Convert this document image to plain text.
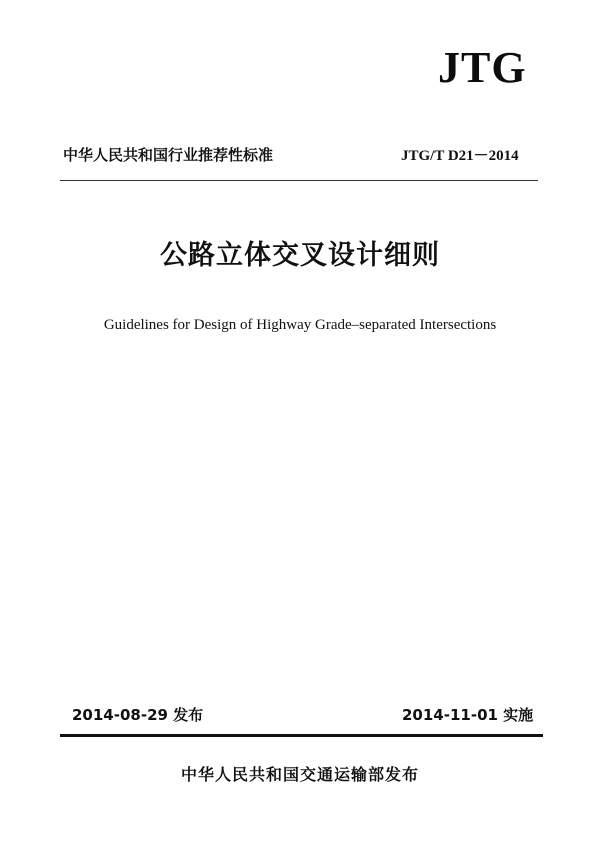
JTG
中华人民共和国行业推荐性标准	JTG/T D21－2014
公路立体交叉设计细则
Guidelines for Design of Highway Grade–separated Intersections
2014-08-29 发布	2014-11-01 实施
中华人民共和国交通运输部发布
